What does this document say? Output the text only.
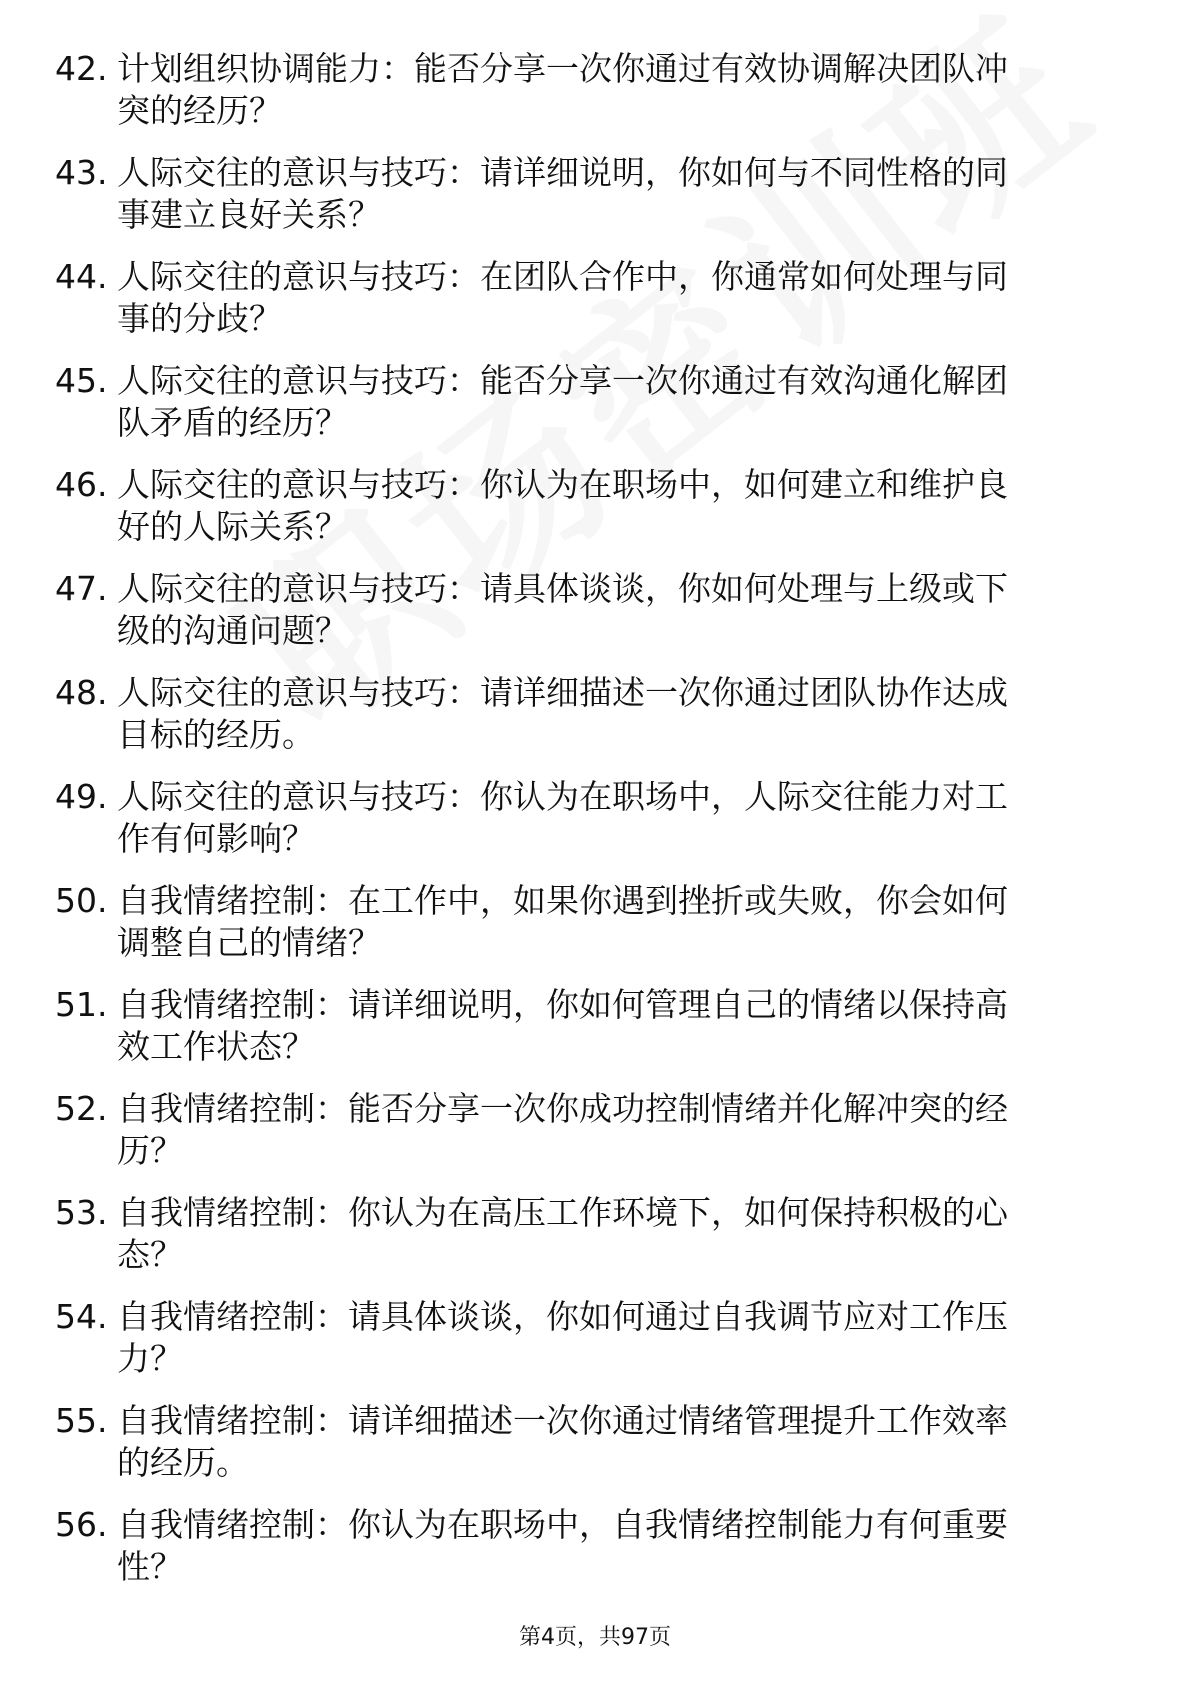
42. 计划组织协调能力：能否分享一次你通过有效协调解决团队冲突的经历？
43. 人际交往的意识与技巧：请详细说明，你如何与不同性格的同事建立良好关系？
44. 人际交往的意识与技巧：在团队合作中，你通常如何处理与同事的分歧？
45. 人际交往的意识与技巧：能否分享一次你通过有效沟通化解团队矛盾的经历？
46. 人际交往的意识与技巧：你认为在职场中，如何建立和维护良好的人际关系？
47. 人际交往的意识与技巧：请具体谈谈，你如何处理与上级或下级的沟通问题？
48. 人际交往的意识与技巧：请详细描述一次你通过团队协作达成目标的经历。
49. 人际交往的意识与技巧：你认为在职场中，人际交往能力对工作有何影响？
50. 自我情绪控制：在工作中，如果你遇到挫折或失败，你会如何调整自己的情绪？
51. 自我情绪控制：请详细说明，你如何管理自己的情绪以保持高效工作状态？
52. 自我情绪控制：能否分享一次你成功控制情绪并化解冲突的经历？
53. 自我情绪控制：你认为在高压工作环境下，如何保持积极的心态？
54. 自我情绪控制：请具体谈谈，你如何通过自我调节应对工作压力？
55. 自我情绪控制：请详细描述一次你通过情绪管理提升工作效率的经历。
56. 自我情绪控制：你认为在职场中，自我情绪控制能力有何重要性？
第4页，共97页
